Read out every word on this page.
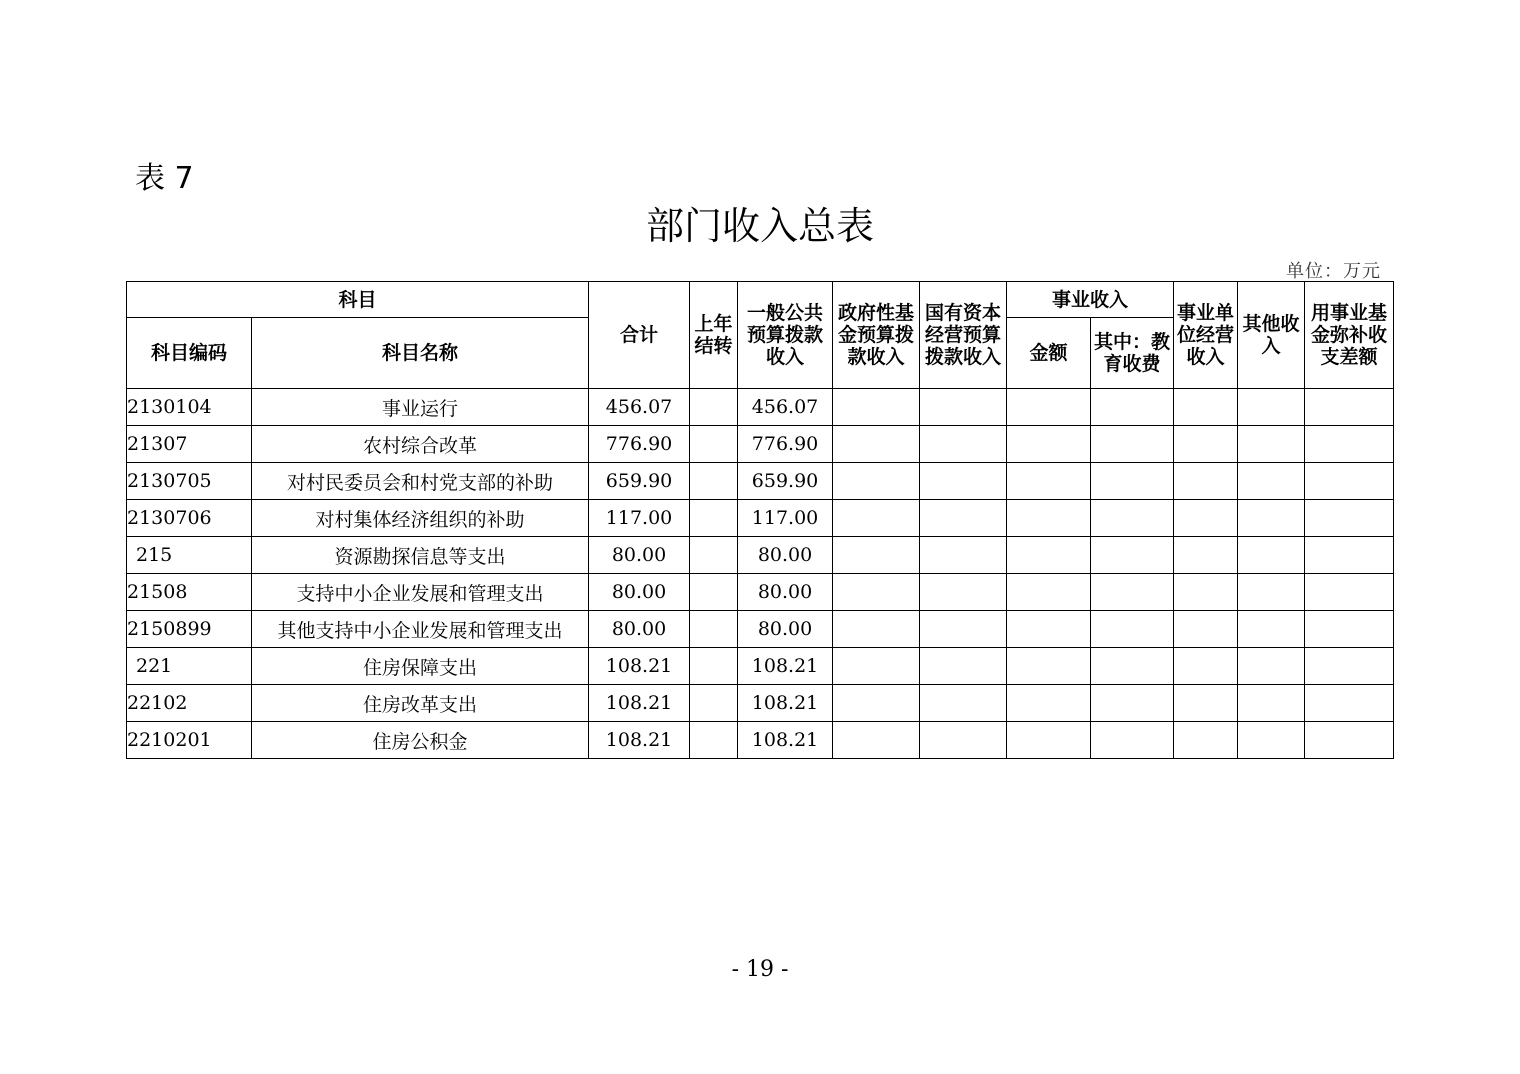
表 7
部门收入总表
单位：万元
科目		合计	上年结转	一般公共预算拨款收入	政府性基金预算拨款收入	国有资本经营预算拨款收入	事业收入		事业单位经营收入	其他收入	用事业基金弥补收支差额
科目编码	科目名称						金额	其中：教育收费			
2130104	事业运行	456.07		456.07							
21307	农村综合改革	776.90		776.90							
2130705	对村民委员会和村党支部的补助	659.90		659.90							
2130706	对村集体经济组织的补助	117.00		117.00							
215	资源勘探信息等支出	80.00		80.00							
21508	支持中小企业发展和管理支出	80.00		80.00							
2150899	其他支持中小企业发展和管理支出	80.00		80.00							
221	住房保障支出	108.21		108.21							
22102	住房改革支出	108.21		108.21							
2210201	住房公积金	108.21		108.21							
- 19 -
